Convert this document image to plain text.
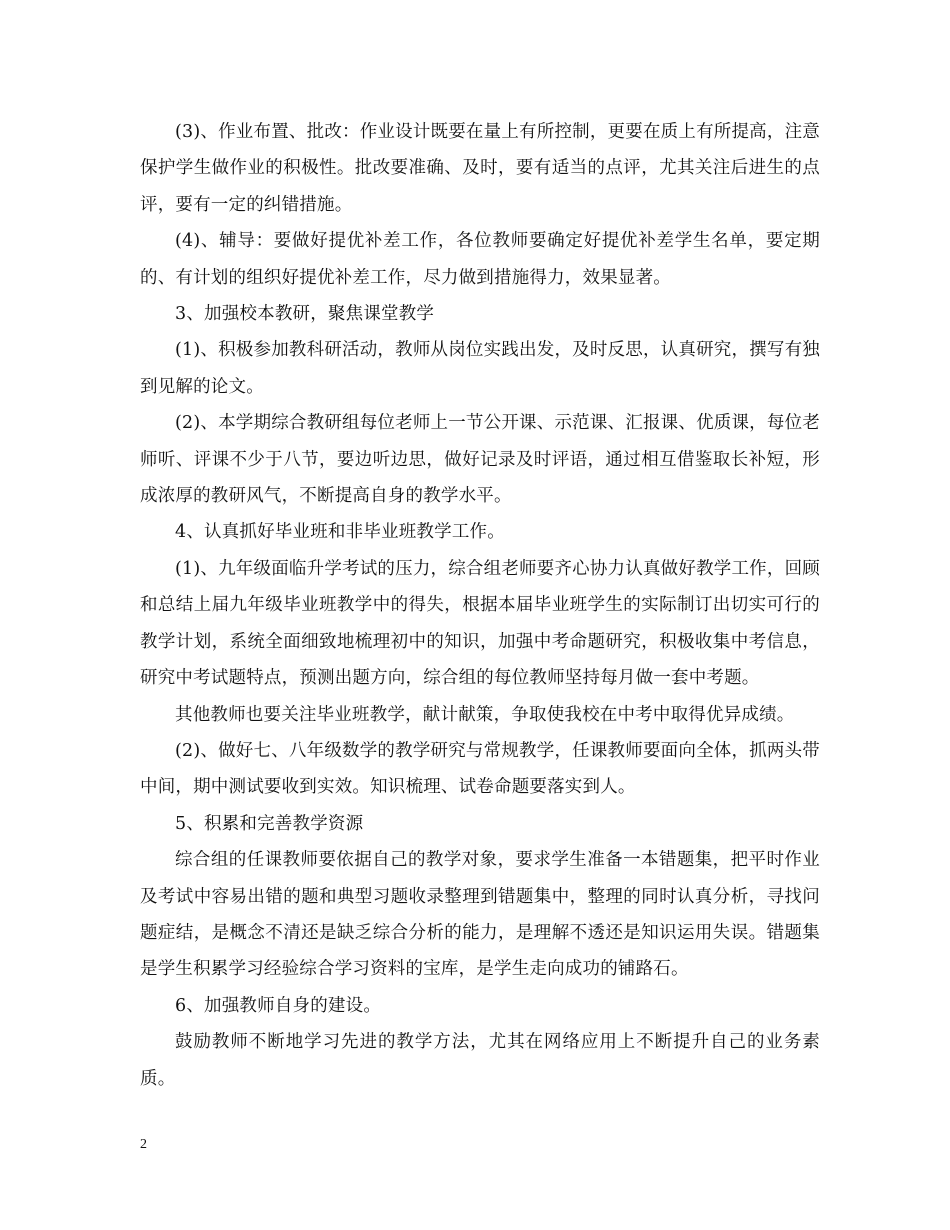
(3)、作业布置、批改：作业设计既要在量上有所控制，更要在质上有所提高，注意保护学生做作业的积极性。批改要准确、及时，要有适当的点评，尤其关注后进生的点评，要有一定的纠错措施。

(4)、辅导：要做好提优补差工作，各位教师要确定好提优补差学生名单，要定期的、有计划的组织好提优补差工作，尽力做到措施得力，效果显著。

3、加强校本教研，聚焦课堂教学

(1)、积极参加教科研活动，教师从岗位实践出发，及时反思，认真研究，撰写有独到见解的论文。

(2)、本学期综合教研组每位老师上一节公开课、示范课、汇报课、优质课，每位老师听、评课不少于八节，要边听边思，做好记录及时评语，通过相互借鉴取长补短，形成浓厚的教研风气，不断提高自身的教学水平。

4、认真抓好毕业班和非毕业班教学工作。

(1)、九年级面临升学考试的压力，综合组老师要齐心协力认真做好教学工作，回顾和总结上届九年级毕业班教学中的得失，根据本届毕业班学生的实际制订出切实可行的教学计划，系统全面细致地梳理初中的知识，加强中考命题研究，积极收集中考信息，研究中考试题特点，预测出题方向，综合组的每位教师坚持每月做一套中考题。

其他教师也要关注毕业班教学，献计献策，争取使我校在中考中取得优异成绩。

(2)、做好七、八年级数学的教学研究与常规教学，任课教师要面向全体，抓两头带中间，期中测试要收到实效。知识梳理、试卷命题要落实到人。

5、积累和完善教学资源

综合组的任课教师要依据自己的教学对象，要求学生准备一本错题集，把平时作业及考试中容易出错的题和典型习题收录整理到错题集中，整理的同时认真分析，寻找问题症结，是概念不清还是缺乏综合分析的能力，是理解不透还是知识运用失误。错题集是学生积累学习经验综合学习资料的宝库，是学生走向成功的铺路石。

6、加强教师自身的建设。

鼓励教师不断地学习先进的教学方法，尤其在网络应用上不断提升自己的业务素质。

2
